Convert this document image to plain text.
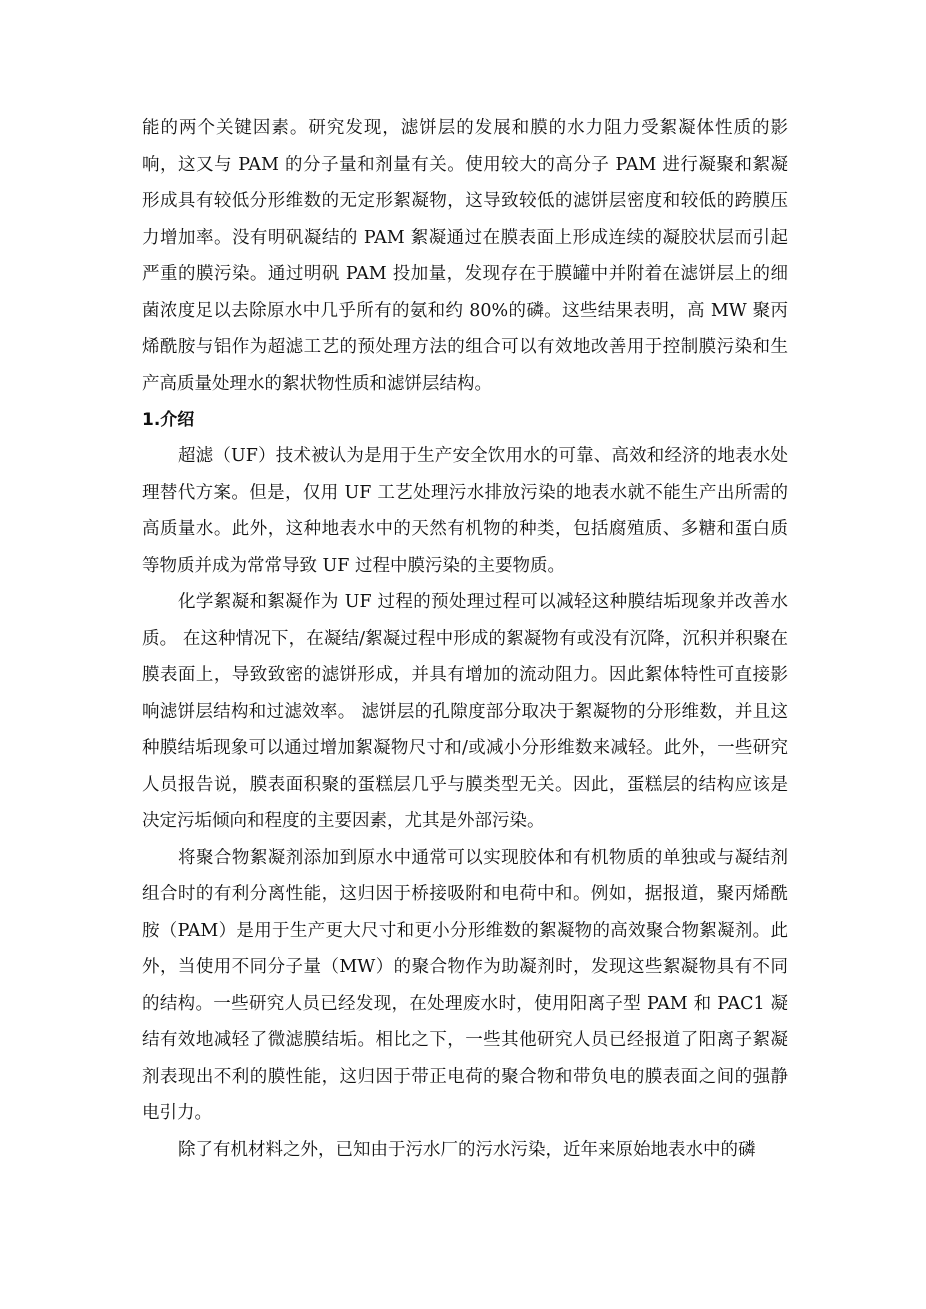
能的两个关键因素。研究发现，滤饼层的发展和膜的水力阻力受絮凝体性质的影响，这又与 PAM 的分子量和剂量有关。使用较大的高分子 PAM 进行凝聚和絮凝形成具有较低分形维数的无定形絮凝物，这导致较低的滤饼层密度和较低的跨膜压力增加率。没有明矾凝结的 PAM 絮凝通过在膜表面上形成连续的凝胶状层而引起严重的膜污染。通过明矾 PAM 投加量，发现存在于膜罐中并附着在滤饼层上的细菌浓度足以去除原水中几乎所有的氨和约 80%的磷。这些结果表明，高 MW 聚丙烯酰胺与铝作为超滤工艺的预处理方法的组合可以有效地改善用于控制膜污染和生产高质量处理水的絮状物性质和滤饼层结构。

1.介绍

超滤（UF）技术被认为是用于生产安全饮用水的可靠、高效和经济的地表水处理替代方案。但是，仅用 UF 工艺处理污水排放污染的地表水就不能生产出所需的高质量水。此外，这种地表水中的天然有机物的种类，包括腐殖质、多糖和蛋白质等物质并成为常常导致 UF 过程中膜污染的主要物质。

化学絮凝和絮凝作为 UF 过程的预处理过程可以减轻这种膜结垢现象并改善水质。 在这种情况下，在凝结/絮凝过程中形成的絮凝物有或没有沉降，沉积并积聚在膜表面上，导致致密的滤饼形成，并具有增加的流动阻力。因此絮体特性可直接影响滤饼层结构和过滤效率。 滤饼层的孔隙度部分取决于絮凝物的分形维数，并且这种膜结垢现象可以通过增加絮凝物尺寸和/或减小分形维数来减轻。此外，一些研究人员报告说，膜表面积聚的蛋糕层几乎与膜类型无关。因此，蛋糕层的结构应该是决定污垢倾向和程度的主要因素，尤其是外部污染。

将聚合物絮凝剂添加到原水中通常可以实现胶体和有机物质的单独或与凝结剂组合时的有利分离性能，这归因于桥接吸附和电荷中和。例如，据报道，聚丙烯酰胺（PAM）是用于生产更大尺寸和更小分形维数的絮凝物的高效聚合物絮凝剂。此外，当使用不同分子量（MW）的聚合物作为助凝剂时，发现这些絮凝物具有不同的结构。一些研究人员已经发现，在处理废水时，使用阳离子型 PAM 和 PAC1 凝结有效地减轻了微滤膜结垢。相比之下，一些其他研究人员已经报道了阳离子絮凝剂表现出不利的膜性能，这归因于带正电荷的聚合物和带负电的膜表面之间的强静电引力。

除了有机材料之外，已知由于污水厂的污水污染，近年来原始地表水中的磷
